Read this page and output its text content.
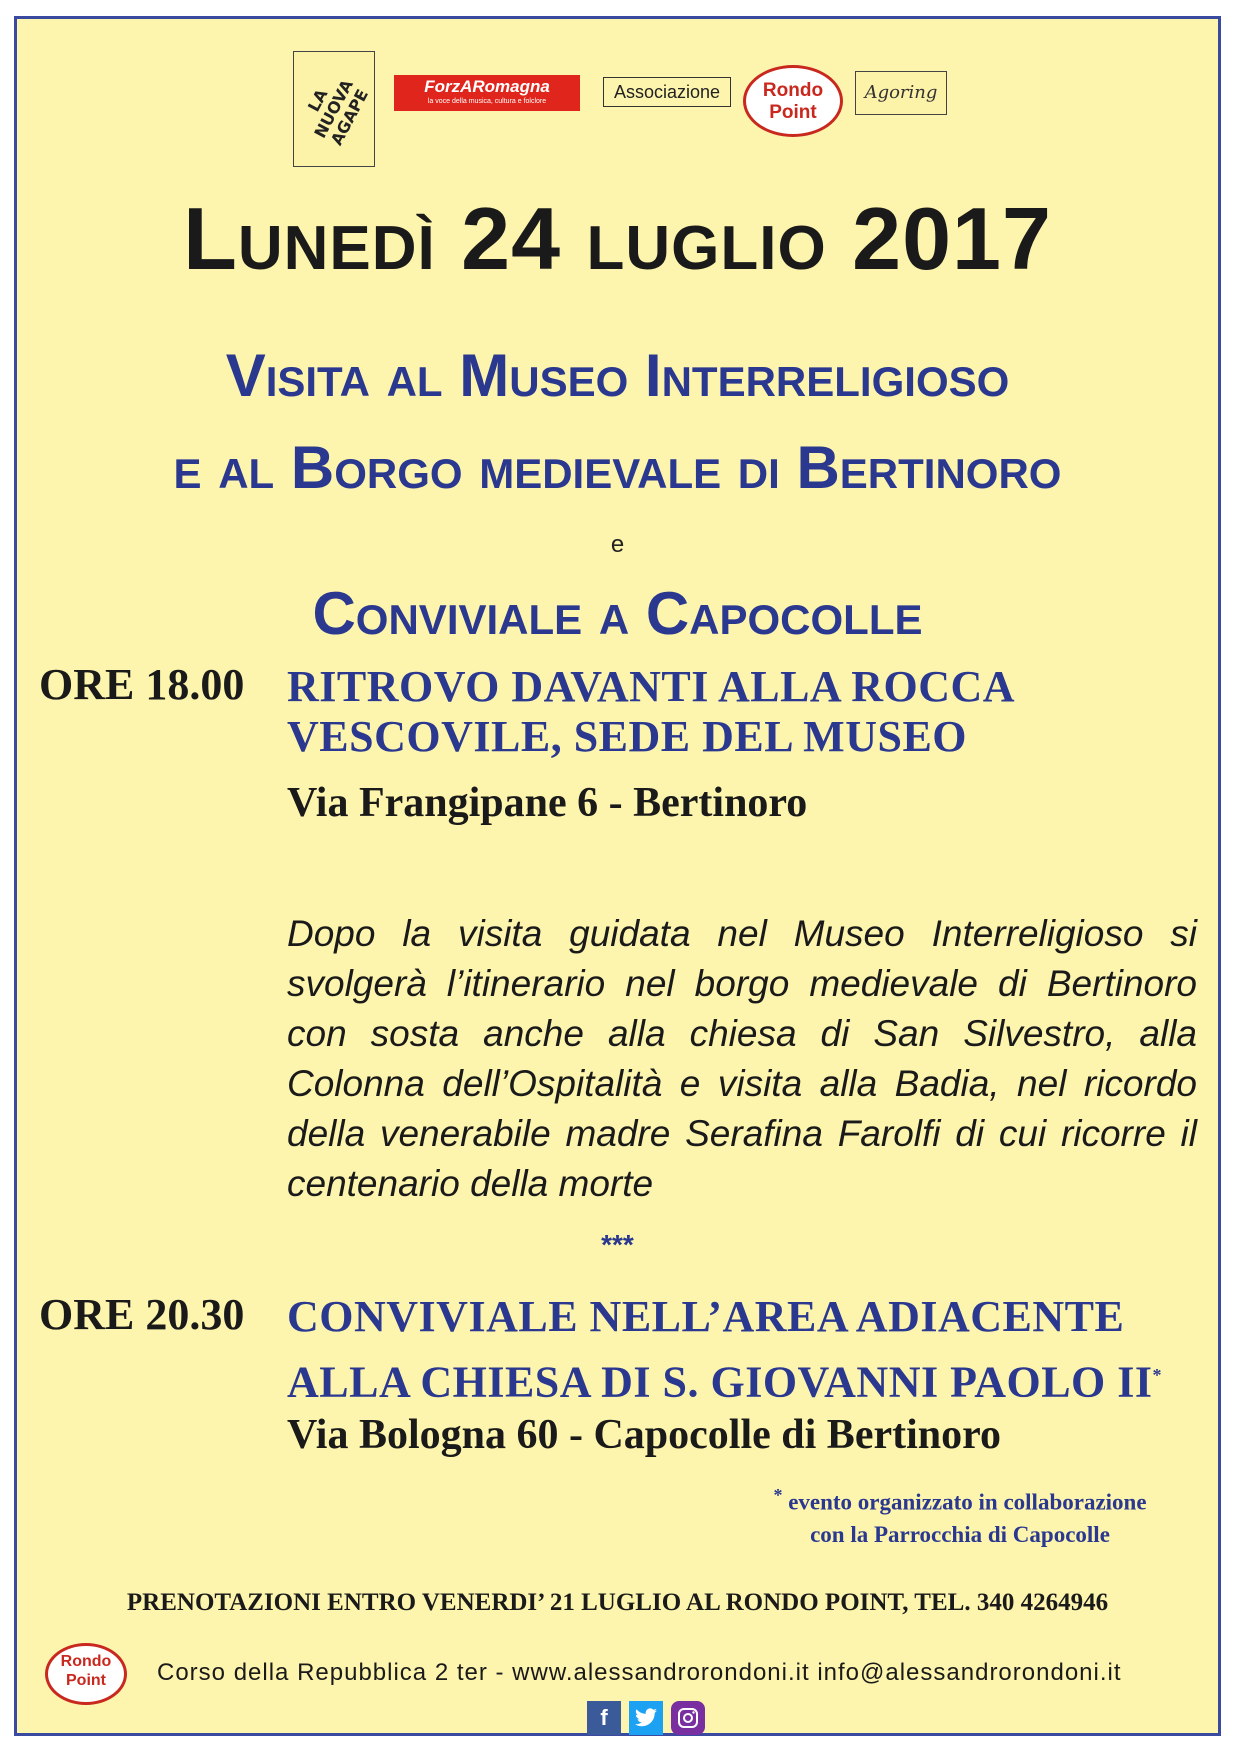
LA NUOVA AGAPE	ForzARomagna
la voce della musica, cultura e folclore	Associazione	Rondo
Point
Agoring
Lunedì 24 luglio 2017
Visita al Museo Interreligioso
e al Borgo medievale di Bertinoro
e
Conviviale a Capocolle
ORE 18.00 RITROVO DAVANTI ALLA ROCCA
VESCOVILE, SEDE DEL MUSEO
Via Frangipane 6 - Bertinoro
Dopo la visita guidata nel Museo Interreligioso si svolgerà l’itinerario nel borgo medievale di Bertinoro con sosta anche alla chiesa di San Silvestro, alla Colonna dell’Ospitalità e visita alla Badia, nel ricordo della venerabile madre Serafina Farolfi di cui ricorre il centenario della morte
***
ORE 20.30 CONVIVIALE NELL’AREA ADIACENTE
ALLA CHIESA DI S. GIOVANNI PAOLO II*
Via Bologna 60 - Capocolle di Bertinoro
* evento organizzato in collaborazione
con la Parrocchia di Capocolle
PRENOTAZIONI ENTRO VENERDI’ 21 LUGLIO AL RONDO POINT, TEL. 340 4264946
Rondo
Point	Corso della Repubblica 2 ter - www.alessandrorondoni.it info@alessandrorondoni.it
f
